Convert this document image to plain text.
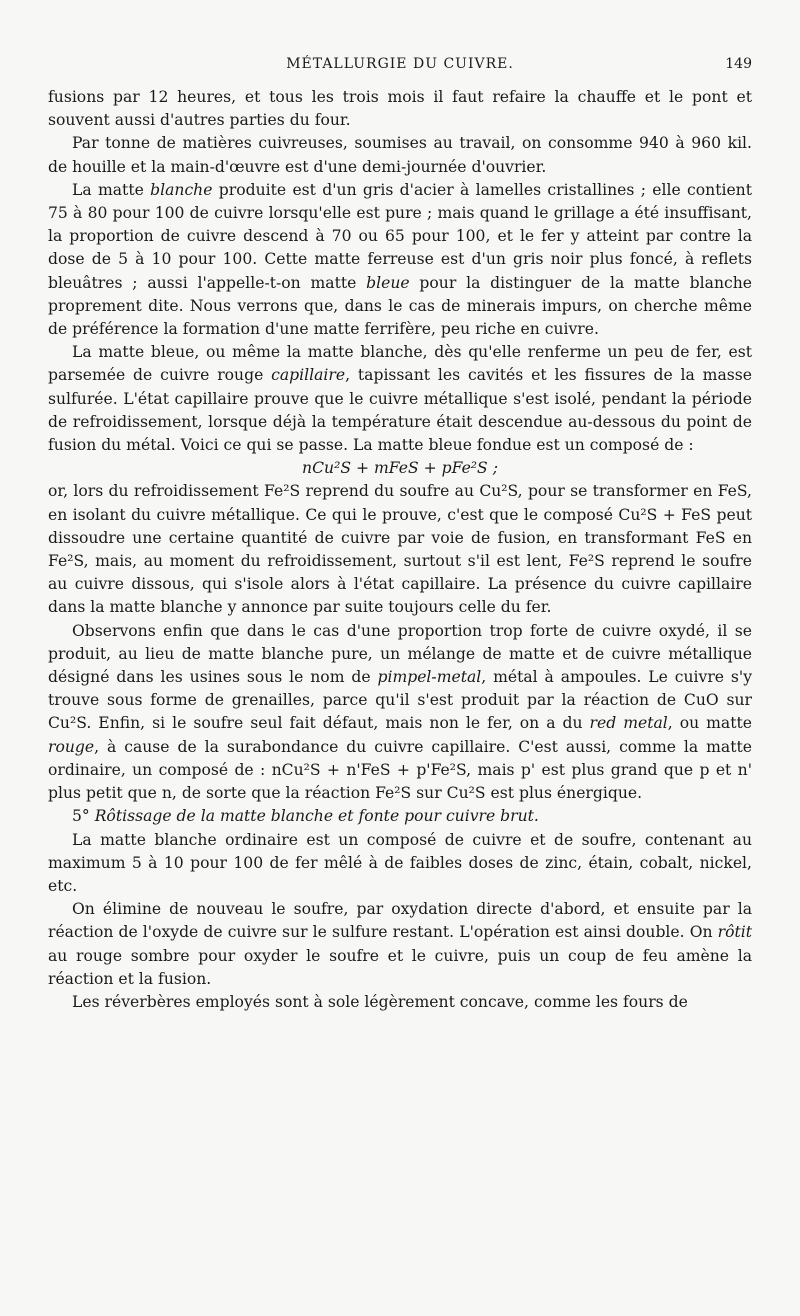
MÉTALLURGIE DU CUIVRE.	149

fusions par 12 heures, et tous les trois mois il faut refaire la chauffe et le pont et souvent aussi d'autres parties du four.

Par tonne de matières cuivreuses, soumises au travail, on consomme 940 à 960 kil. de houille et la main-d'œuvre est d'une demi-journée d'ouvrier.

La matte blanche produite est d'un gris d'acier à lamelles cristallines ; elle contient 75 à 80 pour 100 de cuivre lorsqu'elle est pure ; mais quand le grillage a été insuffisant, la proportion de cuivre descend à 70 ou 65 pour 100, et le fer y atteint par contre la dose de 5 à 10 pour 100. Cette matte ferreuse est d'un gris noir plus foncé, à reflets bleuâtres ; aussi l'appelle-t-on matte bleue pour la distinguer de la matte blanche proprement dite. Nous verrons que, dans le cas de minerais impurs, on cherche même de préférence la formation d'une matte ferrifère, peu riche en cuivre.

La matte bleue, ou même la matte blanche, dès qu'elle renferme un peu de fer, est parsemée de cuivre rouge capillaire, tapissant les cavités et les fissures de la masse sulfurée. L'état capillaire prouve que le cuivre métallique s'est isolé, pendant la période de refroidissement, lorsque déjà la température était descendue au-dessous du point de fusion du métal. Voici ce qui se passe. La matte bleue fondue est un composé de :

nCu²S + mFeS + pFe²S ;

or, lors du refroidissement Fe²S reprend du soufre au Cu²S, pour se transformer en FeS, en isolant du cuivre métallique. Ce qui le prouve, c'est que le composé Cu²S + FeS peut dissoudre une certaine quantité de cuivre par voie de fusion, en transformant FeS en Fe²S, mais, au moment du refroidissement, surtout s'il est lent, Fe²S reprend le soufre au cuivre dissous, qui s'isole alors à l'état capillaire. La présence du cuivre capillaire dans la matte blanche y annonce par suite toujours celle du fer.

Observons enfin que dans le cas d'une proportion trop forte de cuivre oxydé, il se produit, au lieu de matte blanche pure, un mélange de matte et de cuivre métallique désigné dans les usines sous le nom de pimpel-metal, métal à ampoules. Le cuivre s'y trouve sous forme de grenailles, parce qu'il s'est produit par la réaction de CuO sur Cu²S. Enfin, si le soufre seul fait défaut, mais non le fer, on a du red metal, ou matte rouge, à cause de la surabondance du cuivre capillaire. C'est aussi, comme la matte ordinaire, un composé de : nCu²S + n'FeS + p'Fe²S, mais p' est plus grand que p et n' plus petit que n, de sorte que la réaction Fe²S sur Cu²S est plus énergique.

5° Rôtissage de la matte blanche et fonte pour cuivre brut.

La matte blanche ordinaire est un composé de cuivre et de soufre, contenant au maximum 5 à 10 pour 100 de fer mêlé à de faibles doses de zinc, étain, cobalt, nickel, etc.

On élimine de nouveau le soufre, par oxydation directe d'abord, et ensuite par la réaction de l'oxyde de cuivre sur le sulfure restant. L'opération est ainsi double. On rôtit au rouge sombre pour oxyder le soufre et le cuivre, puis un coup de feu amène la réaction et la fusion.

Les réverbères employés sont à sole légèrement concave, comme les fours de
